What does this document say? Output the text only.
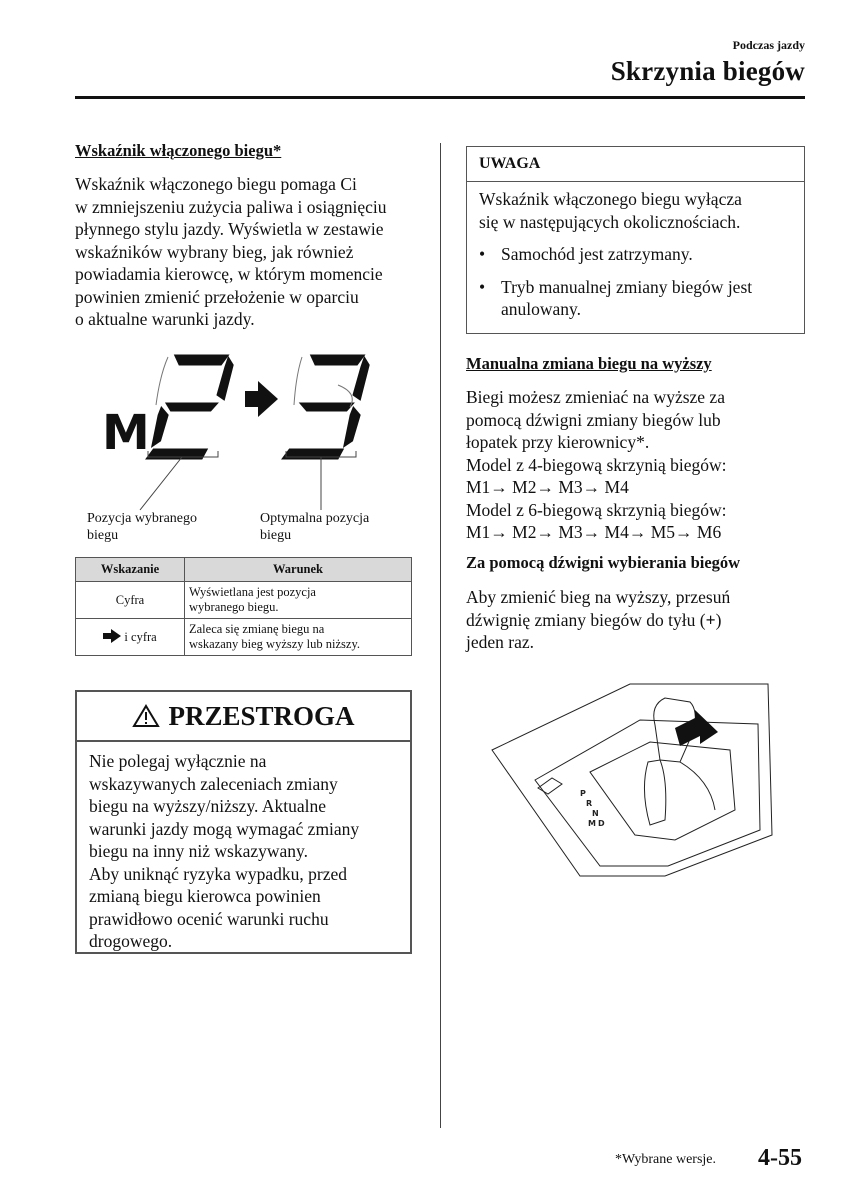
Podczas jazdy
Skrzynia biegów
Wskaźnik włączonego biegu*
Wskaźnik włączonego biegu pomaga Ci
w zmniejszeniu zużycia paliwa i osiągnięciu
płynnego stylu jazdy. Wyświetla w zestawie
wskaźników wybrany bieg, jak również
powiadamia kierowcę, w którym momencie
powinien zmienić przełożenie w oparciu
o aktualne warunki jazdy.
M
Pozycja wybranego
biegu
Optymalna pozycja
biegu
Wskazanie	Warunek
Cyfra	Wyświetlana jest pozycja
wybranego biegu.

i cyfra	Zaleca się zmianę biegu na
wskazany bieg wyższy lub niższy.
PRZESTROGA
Nie polegaj wyłącznie na
wskazywanych zaleceniach zmiany
biegu na wyższy/niższy. Aktualne
warunki jazdy mogą wymagać zmiany
biegu na inny niż wskazywany.
Aby uniknąć ryzyka wypadku, przed
zmianą biegu kierowca powinien
prawidłowo ocenić warunki ruchu
drogowego.
UWAGA
Wskaźnik włączonego biegu wyłącza
się w następujących okolicznościach.
• Samochód jest zatrzymany.
• Tryb manualnej zmiany biegów jest
anulowany.
Manualna zmiana biegu na wyższy
Biegi możesz zmieniać na wyższe za
pomocą dźwigni zmiany biegów lub
łopatek przy kierownicy*.
Model z 4-biegową skrzynią biegów:
M1→ M2→ M3→ M4
Model z 6-biegową skrzynią biegów:
M1→ M2→ M3→ M4→ M5→ M6
Za pomocą dźwigni wybierania biegów
Aby zmienić bieg na wyższy, przesuń
dźwignię zmiany biegów do tyłu (+)
jeden raz.
P
R
N
D
M
*Wybrane wersje. 4-55
